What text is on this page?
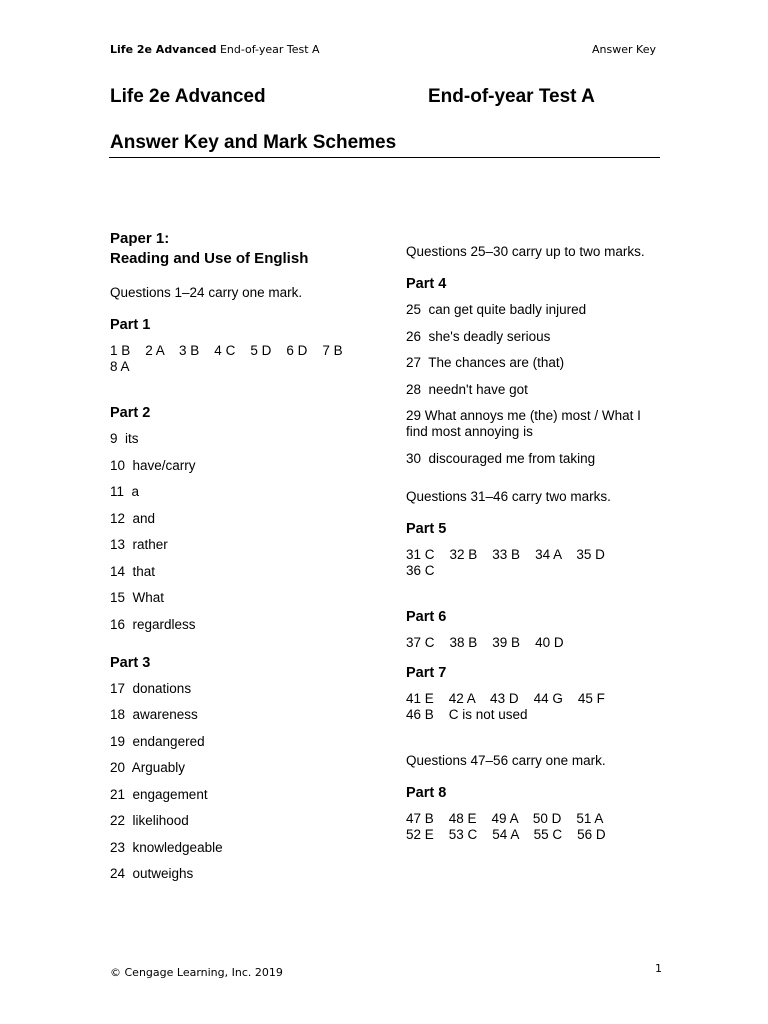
Life 2e Advanced End-of-year Test A	Answer Key
Life 2e Advanced	End-of-year Test A
Answer Key and Mark Schemes
Paper 1:
Reading and Use of English
Questions 1–24 carry one mark.
Part 1
1 B    2 A    3 B    4 C    5 D    6 D    7 B
8 A
Part 2
9  its
10  have/carry
11  a
12  and
13  rather
14  that
15  What
16  regardless
Part 3
17  donations
18  awareness
19  endangered
20  Arguably
21  engagement
22  likelihood
23  knowledgeable
24  outweighs
Questions 25–30 carry up to two marks.
Part 4
25  can get quite badly injured
26  she's deadly serious
27  The chances are (that)
28  needn't have got
29 What annoys me (the) most / What I find most annoying is
30  discouraged me from taking
Questions 31–46 carry two marks.
Part 5
31 C    32 B    33 B    34 A    35 D
36 C
Part 6
37 C    38 B    39 B    40 D
Part 7
41 E    42 A    43 D    44 G    45 F
46 B    C is not used
Questions 47–56 carry one mark.
Part 8
47 B    48 E    49 A    50 D    51 A
52 E    53 C    54 A    55 C    56 D
© Cengage Learning, Inc. 2019	1
